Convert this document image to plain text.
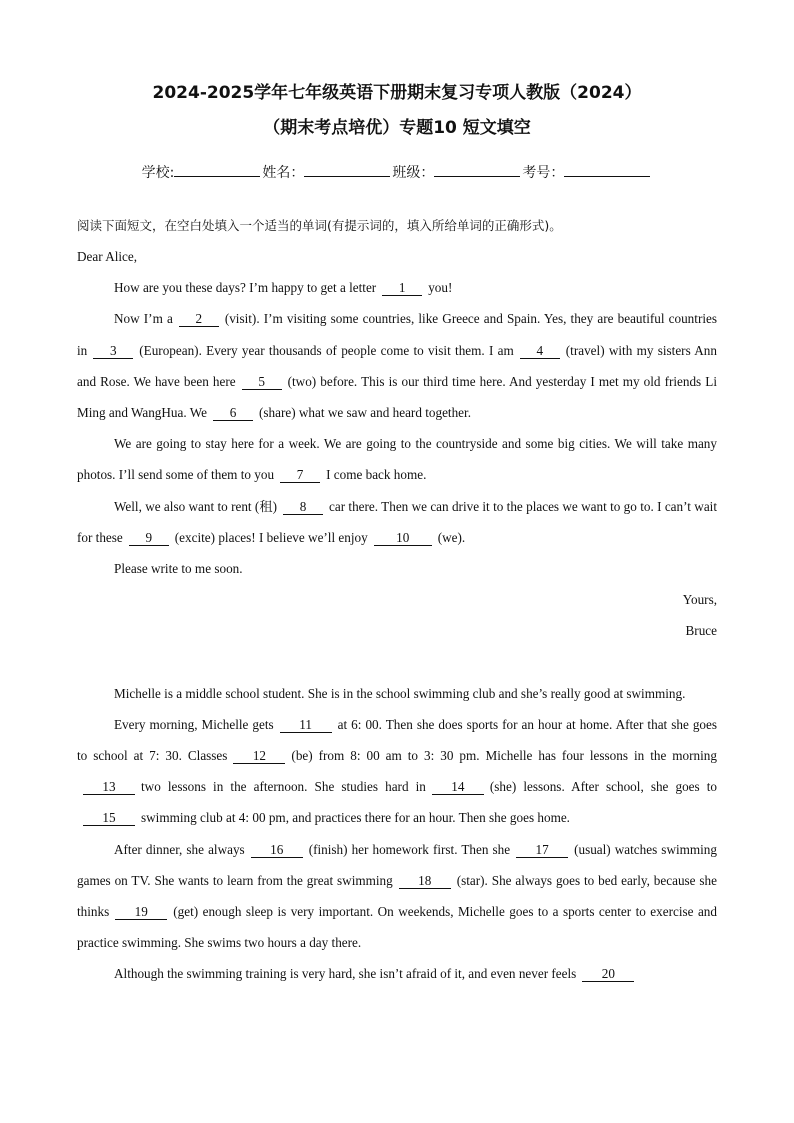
2024-2025学年七年级英语下册期末复习专项人教版（2024）
（期末考点培优）专题10 短文填空
学校:	姓名：	班级：	考号：
阅读下面短文，在空白处填入一个适当的单词(有提示词的，填入所给单词的正确形式)。

Dear Alice,

How are you these days? I’m happy to get a letter 1 you!

Now I’m a 2 (visit). I’m visiting some countries, like Greece and Spain. Yes, they are beautiful countries in 3 (European). Every year thousands of people come to visit them. I am 4 (travel) with my sisters Ann and Rose. We have been here 5 (two) before. This is our third time here. And yesterday I met my old friends Li Ming and WangHua. We 6 (share) what we saw and heard together.

We are going to stay here for a week. We are going to the countryside and some big cities. We will take many photos. I’ll send some of them to you 7 I come back home.

Well, we also want to rent (租) 8 car there. Then we can drive it to the places we want to go to. I can’t wait for these 9 (excite) places! I believe we’ll enjoy 10 (we).

Please write to me soon.

Yours,

Bruce

Michelle is a middle school student. She is in the school swimming club and she’s really good at swimming.

Every morning, Michelle gets 11 at 6: 00. Then she does sports for an hour at home. After that she goes to school at 7: 30. Classes 12 (be) from 8: 00 am to 3: 30 pm. Michelle has four lessons in the morning13 two lessons in the afternoon. She studies hard in 14 (she) lessons. After school, she goes to15 swimming club at 4: 00 pm, and practices there for an hour. Then she goes home.

After dinner, she always 16 (finish) her homework first. Then she 17 (usual) watches swimming games on TV. She wants to learn from the great swimming 18 (star). She always goes to bed early, because she thinks 19 (get) enough sleep is very important. On weekends, Michelle goes to a sports center to exercise and practice swimming. She swims two hours a day there.

Although the swimming training is very hard, she isn’t afraid of it, and even never feels 20
